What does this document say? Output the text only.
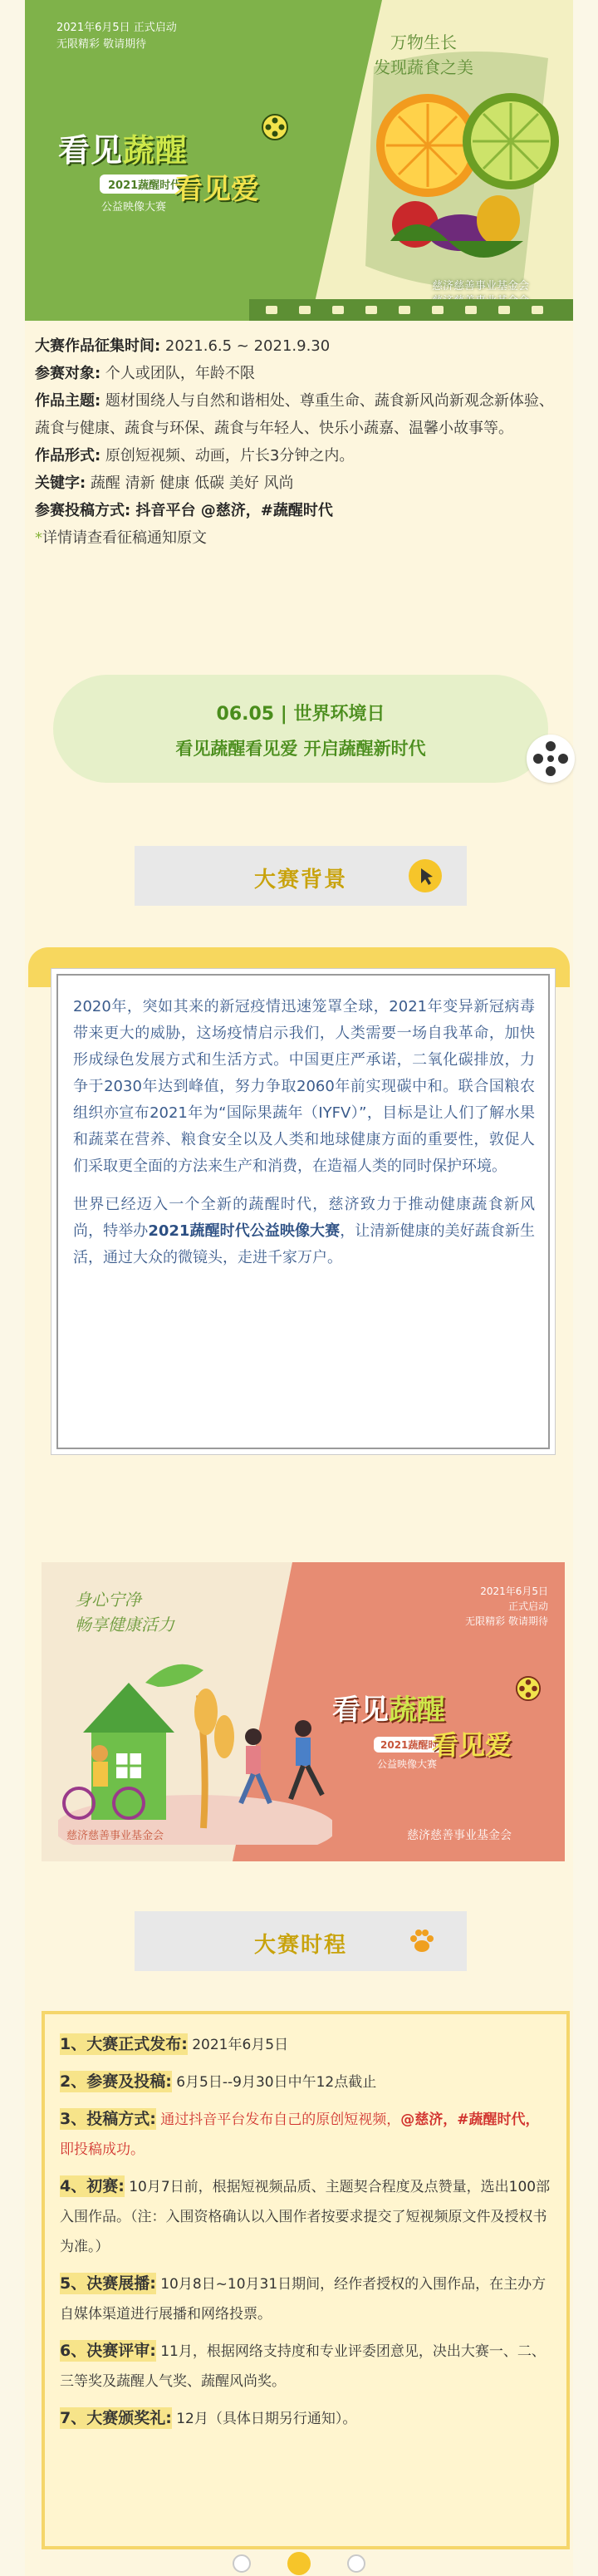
2021年6月5日 正式启动
无限精彩 敬请期待	万物生长
发现蔬食之美
看见蔬醒
2021蔬醒时代
看见爱
公益映像大赛
慈济慈善事业基金会
大赛作品征集时间: 2021.6.5 ~ 2021.9.30
参赛对象: 个人或团队，年龄不限
作品主题: 题材围绕人与自然和谐相处、尊重生命、蔬食新风尚新观念新体验、蔬食与健康、蔬食与环保、蔬食与年轻人、快乐小蔬嘉、温馨小故事等。
作品形式: 原创短视频、动画，片长3分钟之内。
关键字: 蔬醒 清新 健康 低碳 美好 风尚
参赛投稿方式: 抖音平台 @慈济，#蔬醒时代
*详情请查看征稿通知原文
06.05 | 世界环境日
看见蔬醒看见爱 开启蔬醒新时代
大赛背景

2020年，突如其来的新冠疫情迅速笼罩全球，2021年变异新冠病毒带来更大的威胁，这场疫情启示我们，人类需要一场自我革命，加快形成绿色发展方式和生活方式。中国更庄严承诺，二氧化碳排放，力争于2030年达到峰值，努力争取2060年前实现碳中和。联合国粮农组织亦宣布2021年为“国际果蔬年（IYFV）”，目标是让人们了解水果和蔬菜在营养、粮食安全以及人类和地球健康方面的重要性，敦促人们采取更全面的方法来生产和消费，在造福人类的同时保护环境。

世界已经迈入一个全新的蔬醒时代，慈济致力于推动健康蔬食新风尚，特举办2021蔬醒时代公益映像大赛，让清新健康的美好蔬食新生活，通过大众的微镜头，走进千家万户。

身心宁净
畅享健康活力
2021年6月5日
正式启动
无限精彩 敬请期待
看见蔬醒
2021蔬醒时代
看见爱
公益映像大赛
慈济慈善事业基金会
慈济慈善事业基金会
大赛时程
1、大赛正式发布: 2021年6月5日
2、参赛及投稿: 6月5日--9月30日中午12点截止
3、投稿方式: 通过抖音平台发布自己的原创短视频，@慈济，#蔬醒时代，即投稿成功。
4、初赛: 10月7日前，根据短视频品质、主题契合程度及点赞量，选出100部入围作品。（注：入围资格确认以入围作者按要求提交了短视频原文件及授权书为准。）
5、决赛展播: 10月8日~10月31日期间，经作者授权的入围作品，在主办方自媒体渠道进行展播和网络投票。
6、决赛评审: 11月，根据网络支持度和专业评委团意见，决出大赛一、二、三等奖及蔬醒人气奖、蔬醒风尚奖。
7、大赛颁奖礼: 12月（具体日期另行通知）。
